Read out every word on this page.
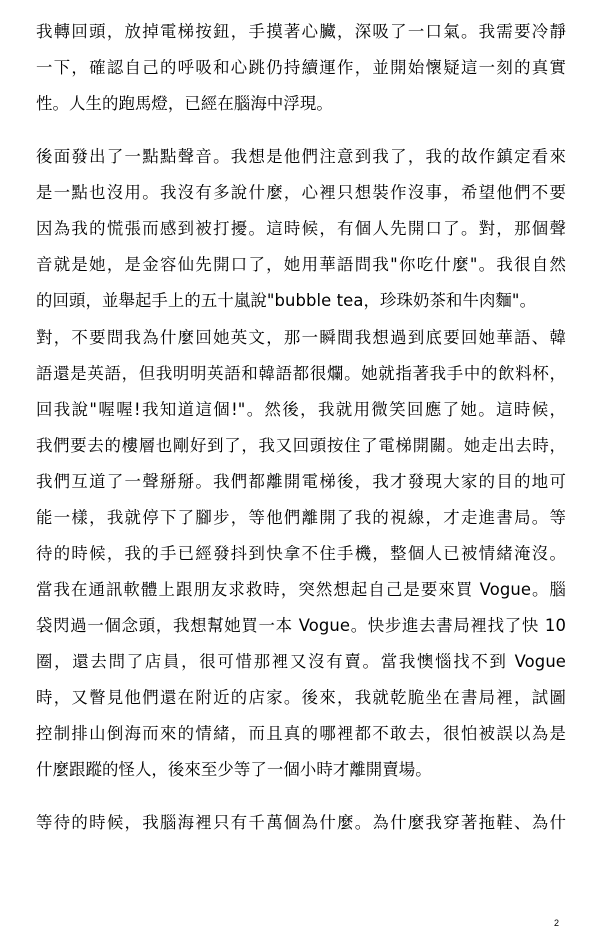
我轉回頭，放掉電梯按鈕，手摸著心臟，深吸了一口氣。我需要冷靜
一下，確認自己的呼吸和心跳仍持續運作，並開始懷疑這一刻的真實
性。人生的跑馬燈，已經在腦海中浮現。
後面發出了一點點聲音。我想是他們注意到我了，我的故作鎮定看來
是一點也沒用。我沒有多說什麼，心裡只想裝作沒事，希望他們不要
因為我的慌張而感到被打擾。這時候，有個人先開口了。對，那個聲
音就是她，是金容仙先開口了，她用華語問我"你吃什麼"。我很自然
的回頭，並舉起手上的五十嵐說"bubble tea，珍珠奶茶和牛肉麵"。
對，不要問我為什麼回她英文，那一瞬間我想過到底要回她華語、韓
語還是英語，但我明明英語和韓語都很爛。她就指著我手中的飲料杯，
回我說"喔喔!我知道這個!"。然後，我就用微笑回應了她。這時候，
我們要去的樓層也剛好到了，我又回頭按住了電梯開關。她走出去時，
我們互道了一聲掰掰。我們都離開電梯後，我才發現大家的目的地可
能一樣，我就停下了腳步，等他們離開了我的視線，才走進書局。等
待的時候，我的手已經發抖到快拿不住手機，整個人已被情緒淹沒。
當我在通訊軟體上跟朋友求救時，突然想起自己是要來買 Vogue。腦
袋閃過一個念頭，我想幫她買一本 Vogue。快步進去書局裡找了快 10
圈，還去問了店員，很可惜那裡又沒有賣。當我懊惱找不到 Vogue
時，又瞥見他們還在附近的店家。後來，我就乾脆坐在書局裡，試圖
控制排山倒海而來的情緒，而且真的哪裡都不敢去，很怕被誤以為是
什麼跟蹤的怪人，後來至少等了一個小時才離開賣場。
等待的時候，我腦海裡只有千萬個為什麼。為什麼我穿著拖鞋、為什
2
